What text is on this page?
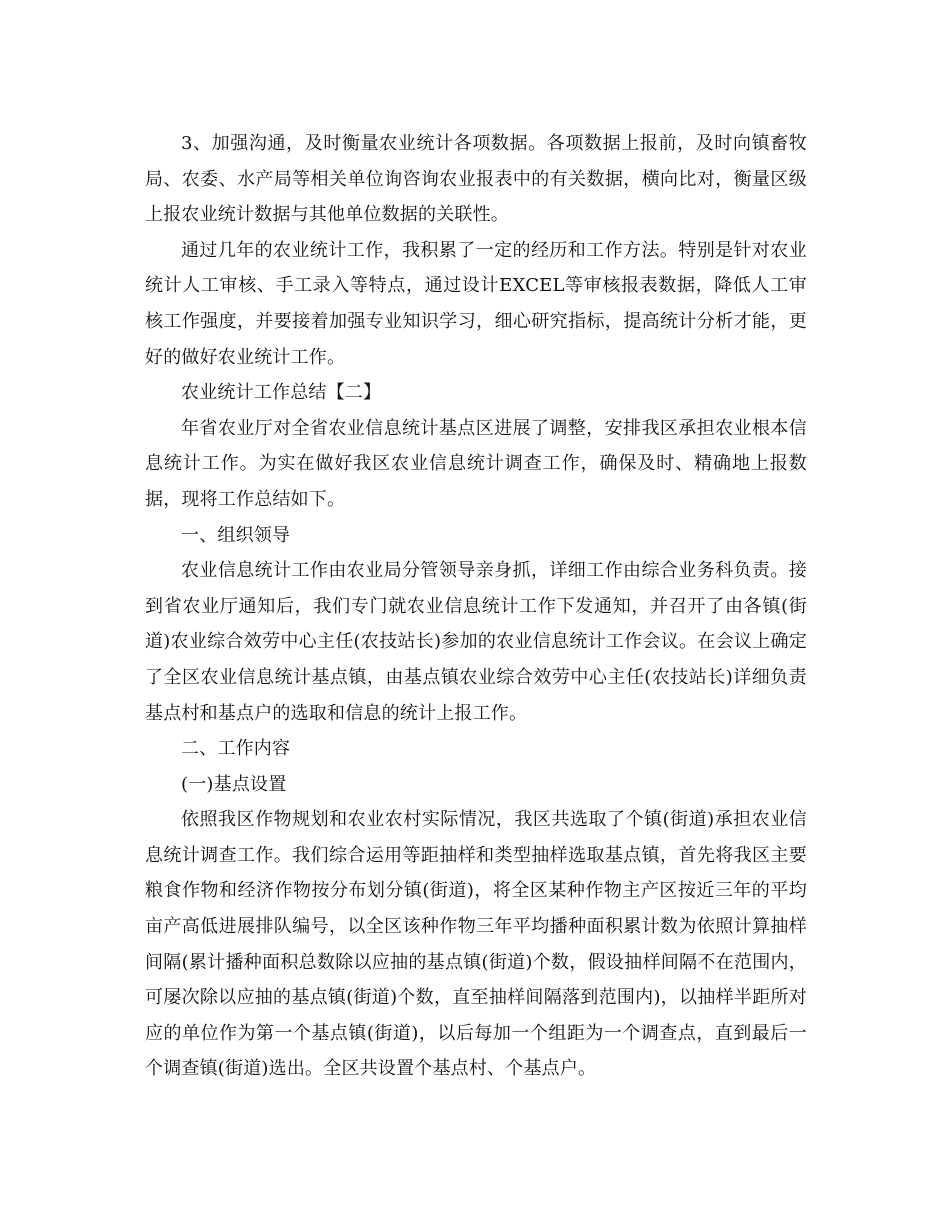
3、加强沟通，及时衡量农业统计各项数据。各项数据上报前，及时向镇畜牧局、农委、水产局等相关单位询咨询农业报表中的有关数据，横向比对，衡量区级上报农业统计数据与其他单位数据的关联性。

通过几年的农业统计工作，我积累了一定的经历和工作方法。特别是针对农业统计人工审核、手工录入等特点，通过设计EXCEL等审核报表数据，降低人工审核工作强度，并要接着加强专业知识学习，细心研究指标，提高统计分析才能，更好的做好农业统计工作。

农业统计工作总结【二】

年省农业厅对全省农业信息统计基点区进展了调整，安排我区承担农业根本信息统计工作。为实在做好我区农业信息统计调查工作，确保及时、精确地上报数据，现将工作总结如下。

一、组织领导

农业信息统计工作由农业局分管领导亲身抓，详细工作由综合业务科负责。接到省农业厅通知后，我们专门就农业信息统计工作下发通知，并召开了由各镇(街道)农业综合效劳中心主任(农技站长)参加的农业信息统计工作会议。在会议上确定了全区农业信息统计基点镇，由基点镇农业综合效劳中心主任(农技站长)详细负责基点村和基点户的选取和信息的统计上报工作。

二、工作内容

(一)基点设置

依照我区作物规划和农业农村实际情况，我区共选取了个镇(街道)承担农业信息统计调查工作。我们综合运用等距抽样和类型抽样选取基点镇，首先将我区主要粮食作物和经济作物按分布划分镇(街道)，将全区某种作物主产区按近三年的平均亩产高低进展排队编号，以全区该种作物三年平均播种面积累计数为依照计算抽样间隔(累计播种面积总数除以应抽的基点镇(街道)个数，假设抽样间隔不在范围内，可屡次除以应抽的基点镇(街道)个数，直至抽样间隔落到范围内)，以抽样半距所对应的单位作为第一个基点镇(街道)，以后每加一个组距为一个调查点，直到最后一个调查镇(街道)选出。全区共设置个基点村、个基点户。
